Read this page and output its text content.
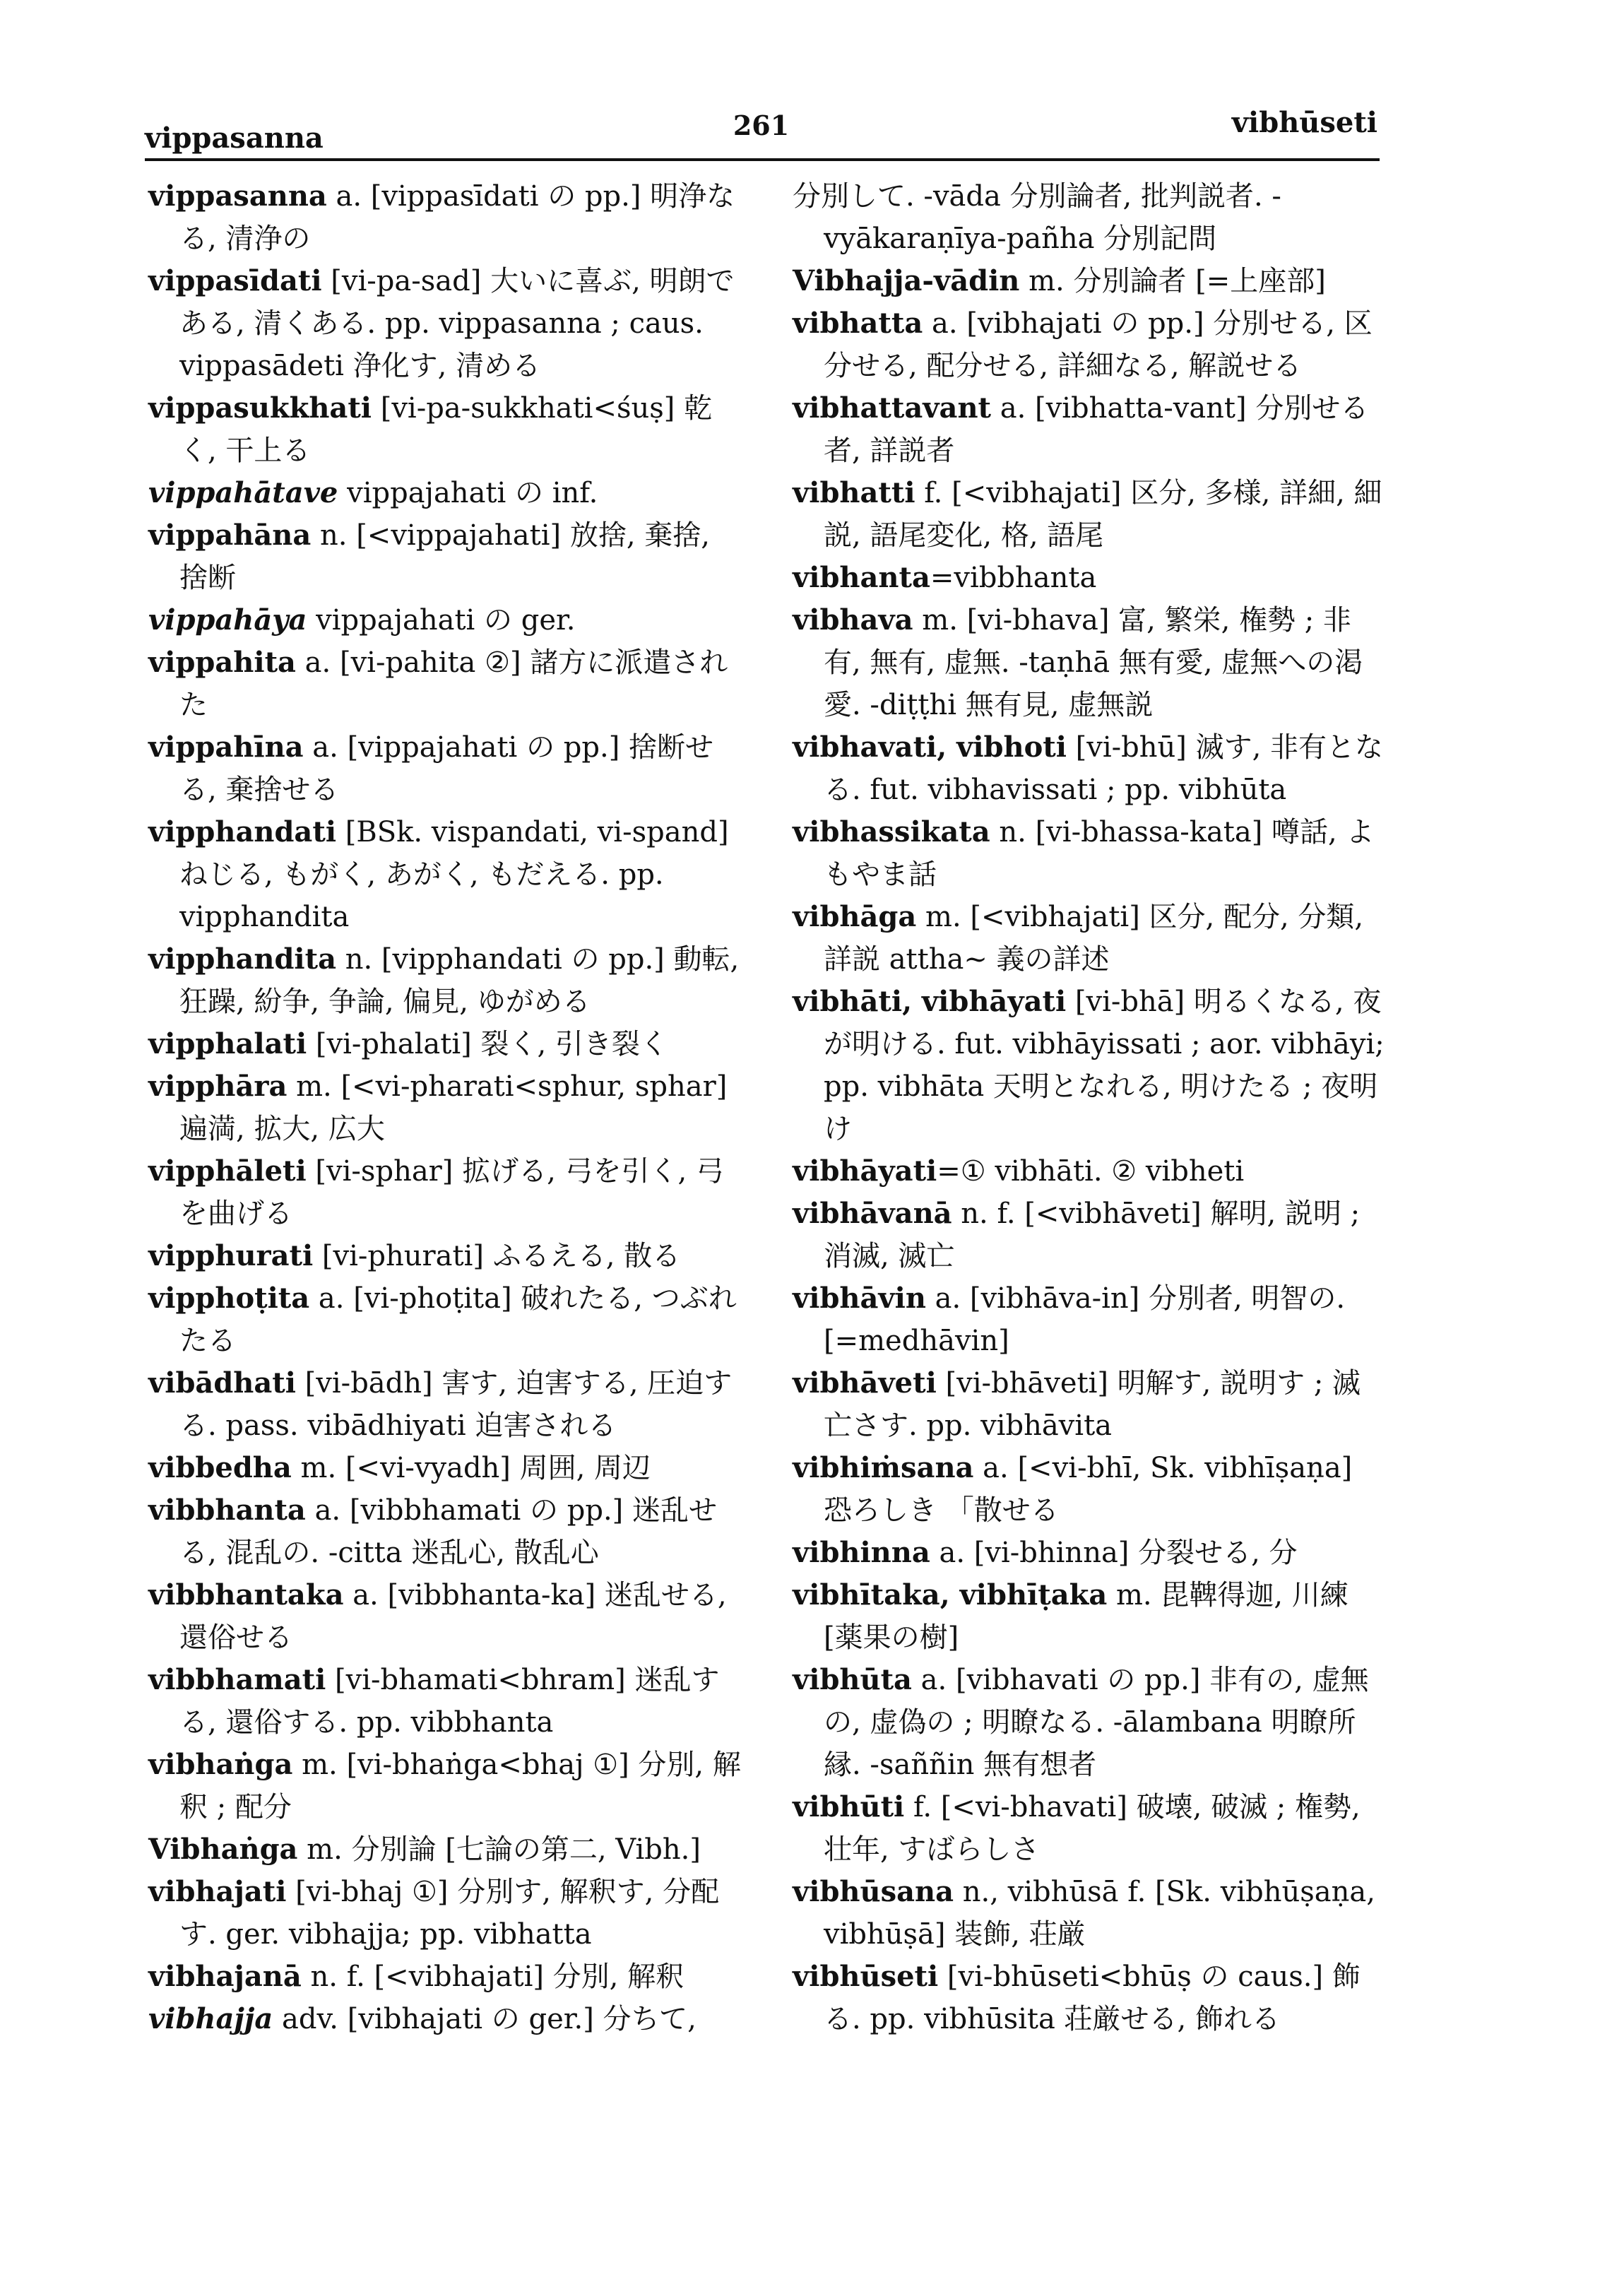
vippasanna	261	vibhūseti

vippasanna a. [vippasīdati の pp.] 明浄なる, 清浄の

vippasīdati [vi-pa-sad] 大いに喜ぶ, 明朗である, 清くある. pp. vippasanna ; caus. vippasādeti 浄化す, 清める

vippasukkhati [vi-pa-sukkhati<śuṣ] 乾く, 干上る

vippahātave vippajahati の inf.

vippahāna n. [<vippajahati] 放捨, 棄捨, 捨断

vippahāya vippajahati の ger.

vippahita a. [vi-pahita ②] 諸方に派遣された

vippahīna a. [vippajahati の pp.] 捨断せる, 棄捨せる

vipphandati [BSk. vispandati, vi-spand] ねじる, もがく, あがく, もだえる. pp. vipphandita

vipphandita n. [vipphandati の pp.] 動転, 狂躁, 紛争, 争論, 偏見, ゆがめる

vipphalati [vi-phalati] 裂く, 引き裂く

vipphāra m. [<vi-pharati<sphur, sphar] 遍満, 拡大, 広大

vipphāleti [vi-sphar] 拡げる, 弓を引く, 弓を曲げる

vipphurati [vi-phurati] ふるえる, 散る

vipphoṭita a. [vi-phoṭita] 破れたる, つぶれたる

vibādhati [vi-bādh] 害す, 迫害する, 圧迫する. pass. vibādhiyati 迫害される

vibbedha m. [<vi-vyadh] 周囲, 周辺

vibbhanta a. [vibbhamati の pp.] 迷乱せる, 混乱の. -citta 迷乱心, 散乱心

vibbhantaka a. [vibbhanta-ka] 迷乱せる, 還俗せる

vibbhamati [vi-bhamati<bhram] 迷乱する, 還俗する. pp. vibbhanta

vibhaṅga m. [vi-bhaṅga<bhaj ①] 分別, 解釈 ; 配分

Vibhaṅga m. 分別論 [七論の第二, Vibh.]

vibhajati [vi-bhaj ①] 分別す, 解釈す, 分配す. ger. vibhajja; pp. vibhatta

vibhajanā n. f. [<vibhajati] 分別, 解釈

vibhajja adv. [vibhajati の ger.] 分ちて,

分別して. -vāda 分別論者, 批判説者. -vyākaraṇīya-pañha 分別記問

Vibhajja-vādin m. 分別論者 [=上座部]

vibhatta a. [vibhajati の pp.] 分別せる, 区分せる, 配分せる, 詳細なる, 解説せる

vibhattavant a. [vibhatta-vant] 分別せる者, 詳説者

vibhatti f. [<vibhajati] 区分, 多様, 詳細, 細説, 語尾変化, 格, 語尾

vibhanta=vibbhanta

vibhava m. [vi-bhava] 富, 繁栄, 権勢 ; 非有, 無有, 虚無. -taṇhā 無有愛, 虚無への渇愛. -diṭṭhi 無有見, 虚無説

vibhavati, vibhoti [vi-bhū] 滅す, 非有となる. fut. vibhavissati ; pp. vibhūta

vibhassikata n. [vi-bhassa-kata] 噂話, よもやま話

vibhāga m. [<vibhajati] 区分, 配分, 分類, 詳説 attha~ 義の詳述

vibhāti, vibhāyati [vi-bhā] 明るくなる, 夜が明ける. fut. vibhāyissati ; aor. vibhāyi; pp. vibhāta 天明となれる, 明けたる ; 夜明け

vibhāyati=① vibhāti. ② vibheti

vibhāvanā n. f. [<vibhāveti] 解明, 説明 ; 消滅, 滅亡

vibhāvin a. [vibhāva-in] 分別者, 明智の. [=medhāvin]

vibhāveti [vi-bhāveti] 明解す, 説明す ; 滅亡さす. pp. vibhāvita

vibhiṁsana a. [<vi-bhī, Sk. vibhīṣaṇa] 恐ろしき 「散せる

vibhinna a. [vi-bhinna] 分裂せる, 分

vibhītaka, vibhīṭaka m. 毘鞞得迦, 川練[薬果の樹]

vibhūta a. [vibhavati の pp.] 非有の, 虚無の, 虚偽の ; 明瞭なる. -ālambana 明瞭所縁. -saññin 無有想者

vibhūti f. [<vi-bhavati] 破壊, 破滅 ; 権勢, 壮年, すばらしさ

vibhūsana n., vibhūsā f. [Sk. vibhūṣaṇa, vibhūṣā] 装飾, 荘厳

vibhūseti [vi-bhūseti<bhūṣ の caus.] 飾る. pp. vibhūsita 荘厳せる, 飾れる
